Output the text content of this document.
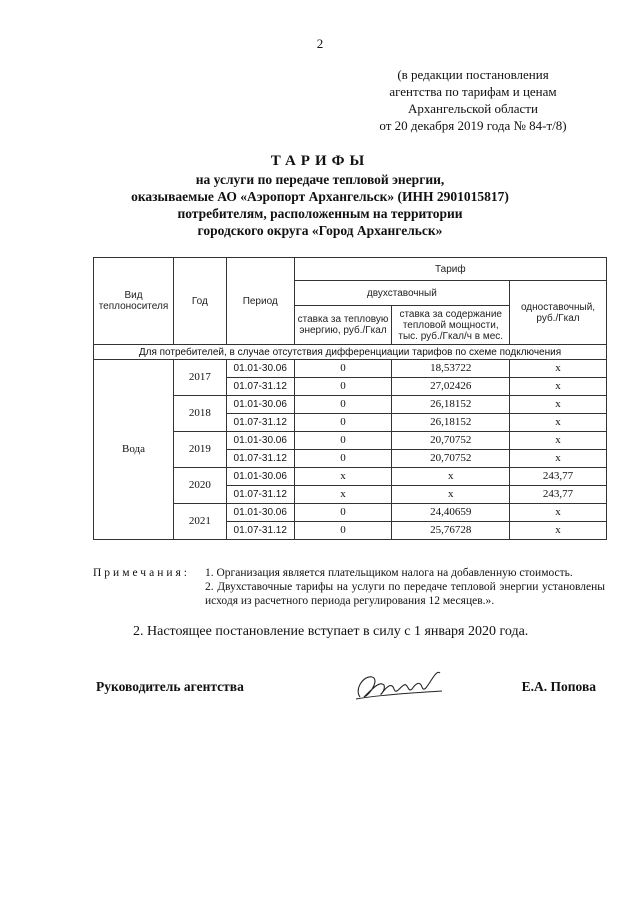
2
(в редакции постановления
агентства по тарифам и ценам
Архангельской области
от 20 декабря 2019 года № 84-т/8)
ТАРИФЫ
на услуги по передаче тепловой энергии,
оказываемые АО «Аэропорт Архангельск» (ИНН 2901015817)
потребителям, расположенным на территории
городского округа «Город Архангельск»
Вид теплоносителя	Год	Период	Тариф		
			двухставочный		одноставочный, руб./Гкал
			ставка за тепловую энергию, руб./Гкал	ставка за содержание тепловой мощности, тыс. руб./Гкал/ч в мес.	
Для потребителей, в случае отсутствия дифференциации тарифов по схеме подключения					
Вода	2017	01.01-30.06	0	18,53722	х
		01.07-31.12	0	27,02426	х
	2018	01.01-30.06	0	26,18152	х
		01.07-31.12	0	26,18152	х
	2019	01.01-30.06	0	20,70752	х
		01.07-31.12	0	20,70752	х
	2020	01.01-30.06	х	х	243,77
		01.07-31.12	х	х	243,77
	2021	01.01-30.06	0	24,40659	х
		01.07-31.12	0	25,76728	х
Примечания: 1. Организация является плательщиком налога на добавленную стоимость.
2. Двухставочные тарифы на услуги по передаче тепловой энергии установлены исходя из расчетного периода регулирования 12 месяцев.».
2. Настоящее постановление вступает в силу с 1 января 2020 года.
Руководитель агентства	Е.А. Попова
